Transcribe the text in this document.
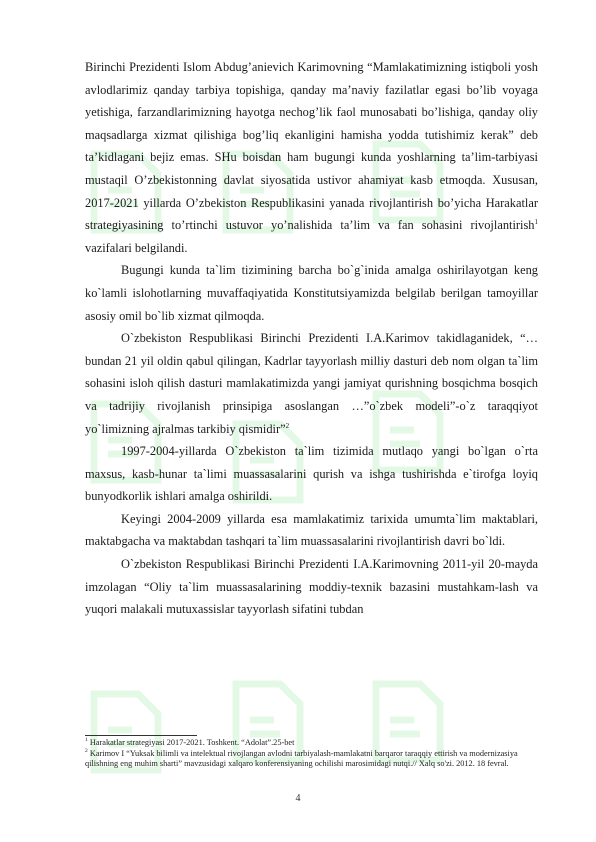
Birinchi Prezidenti Islom Abdug’anievich Karimovning “Mamlakatimizning istiqboli yosh avlodlarimiz qanday tarbiya topishiga, qanday ma’naviy fazilatlar egasi bo’lib voyaga yetishiga, farzandlarimizning hayotga nechog’lik faol munosabati bo’lishiga, qanday oliy maqsadlarga xizmat qilishiga bog’liq ekanligini hamisha yodda tutishimiz kerak” deb ta’kidlagani bejiz emas. SHu boisdan ham bugungi kunda yoshlarning ta’lim-tarbiyasi mustaqil O’zbekistonning davlat siyosatida ustivor ahamiyat kasb etmoqda. Xususan, 2017-2021 yillarda O’zbekiston Respublikasini yanada rivojlantirish bo’yicha Harakatlar strategiyasining to’rtinchi ustuvor yo’nalishida ta’lim va fan sohasini rivojlantirish$^1$ vazifalari belgilandi.

Bugungi kunda ta`lim tizimining barcha bo`g`inida amalga oshirilayotgan keng ko`lamli islohotlarning muvaffaqiyatida Konstitutsiyamizda belgilab berilgan tamoyillar asosiy omil bo`lib xizmat qilmoqda.

O`zbekiston Respublikasi Birinchi Prezidenti I.A.Karimov takidlaganidek, “…bundan 21 yil oldin qabul qilingan, Kadrlar tayyorlash milliy dasturi deb nom olgan ta`lim sohasini isloh qilish dasturi mamlakatimizda yangi jamiyat qurishning bosqichma bosqich va tadrijiy rivojlanish prinsipiga asoslangan …”o`zbek modeli”-o`z taraqqiyot yo`limizning ajralmas tarkibiy qismidir”$^2$

1997-2004-yillarda O`zbekiston ta`lim tizimida mutlaqo yangi bo`lgan o`rta maxsus, kasb-hunar ta`limi muassasalarini qurish va ishga tushirishda e`tirofga loyiq bunyodkorlik ishlari amalga oshirildi.

Keyingi 2004-2009 yillarda esa mamlakatimiz tarixida umumta`lim maktablari, maktabgacha va maktabdan tashqari ta`lim muassasalarini rivojlantirish davri bo`ldi.

O`zbekiston Respublikasi Birinchi Prezidenti I.A.Karimovning 2011-yil 20-mayda imzolagan “Oliy ta`lim muassasalarining moddiy-texnik bazasini mustahkam-lash va yuqori malakali mutuxassislar tayyorlash sifatini tubdan

$^1$ Harakatlar strategiyasi 2017-2021. Toshkent. “Adolat”.25-bet

$^2$ Karimov I “Yuksak bilimli va intelektual rivojlangan avlodni tarbiyalash-mamlakatni barqaror taraqqiy ettirish va modernizasiya qilishning eng muhim sharti” mavzusidagi xalqaro konferensiyaning ochilishi marosimidagi nutqi.// Xalq so'zi. 2012. 18 fevral.

4
